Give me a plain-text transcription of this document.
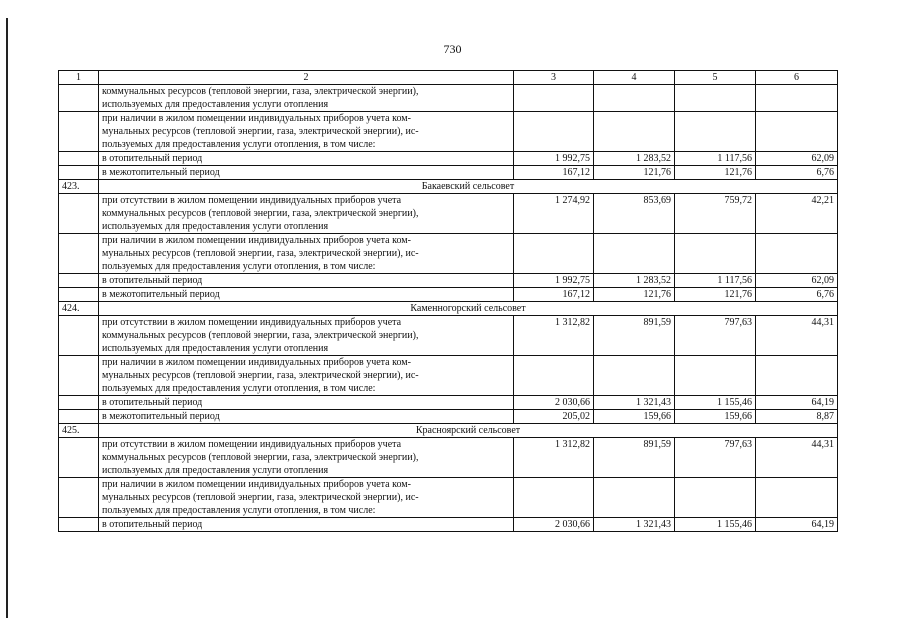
730
1	2	3	4	5	6

	коммунальных ресурсов (тепловой энергии, газа, электрической энергии),
используемых для предоставления услуги отопления				

	при наличии в жилом помещении индивидуальных приборов учета ком-
мунальных ресурсов (тепловой энергии, газа, электрической энергии), ис-
пользуемых для предоставления услуги отопления, в том числе:				

	в отопительный период	1 992,75	1 283,52	1 117,56	62,09

	в межотопительный период	167,12	121,76	121,76	6,76
423.	Бакаевский сельсовет				

	при отсутствии в жилом помещении индивидуальных приборов учета
коммунальных ресурсов (тепловой энергии, газа, электрической энергии),
используемых для предоставления услуги отопления	1 274,92	853,69	759,72	42,21

	при наличии в жилом помещении индивидуальных приборов учета ком-
мунальных ресурсов (тепловой энергии, газа, электрической энергии), ис-
пользуемых для предоставления услуги отопления, в том числе:				

	в отопительный период	1 992,75	1 283,52	1 117,56	62,09

	в межотопительный период	167,12	121,76	121,76	6,76
424.	Каменногорский сельсовет				

	при отсутствии в жилом помещении индивидуальных приборов учета
коммунальных ресурсов (тепловой энергии, газа, электрической энергии),
используемых для предоставления услуги отопления	1 312,82	891,59	797,63	44,31

	при наличии в жилом помещении индивидуальных приборов учета ком-
мунальных ресурсов (тепловой энергии, газа, электрической энергии), ис-
пользуемых для предоставления услуги отопления, в том числе:				

	в отопительный период	2 030,66	1 321,43	1 155,46	64,19

	в межотопительный период	205,02	159,66	159,66	8,87
425.	Красноярский сельсовет				

	при отсутствии в жилом помещении индивидуальных приборов учета
коммунальных ресурсов (тепловой энергии, газа, электрической энергии),
используемых для предоставления услуги отопления	1 312,82	891,59	797,63	44,31

	при наличии в жилом помещении индивидуальных приборов учета ком-
мунальных ресурсов (тепловой энергии, газа, электрической энергии), ис-
пользуемых для предоставления услуги отопления, в том числе:				

	в отопительный период	2 030,66	1 321,43	1 155,46	64,19
